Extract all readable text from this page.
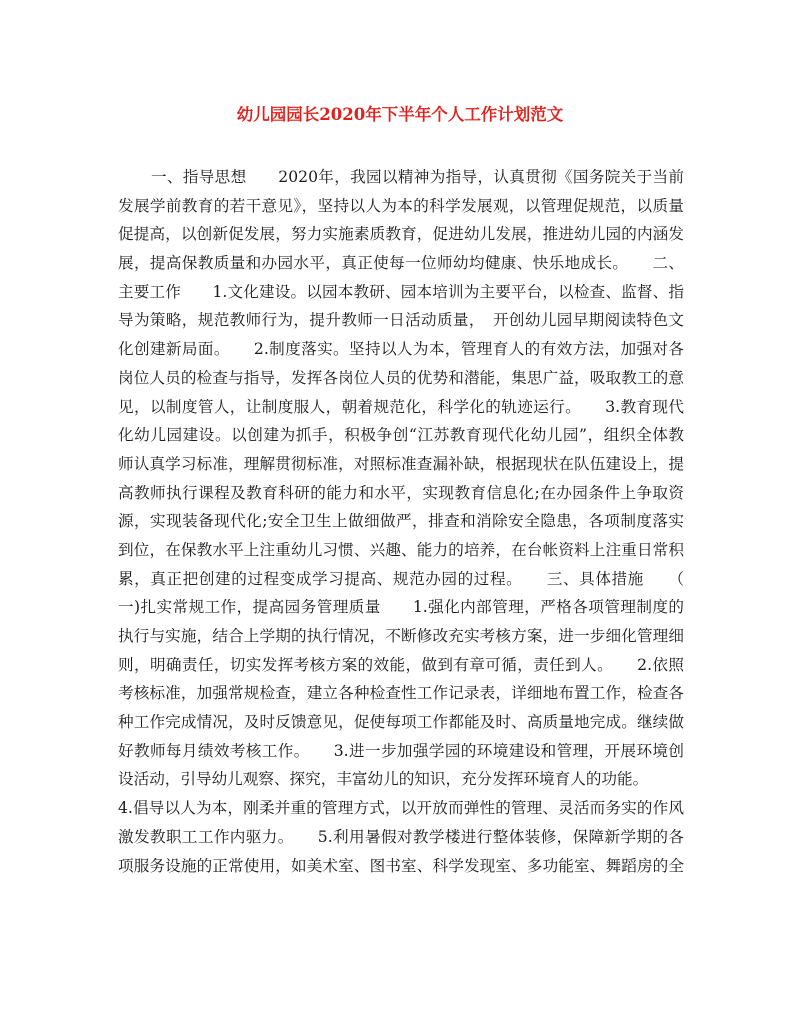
幼儿园园长2020年下半年个人工作计划范文
一、指导思想　　2020年，我园以精神为指导，认真贯彻《国务院关于当前
发展学前教育的若干意见》，坚持以人为本的科学发展观，以管理促规范，以质量
促提高，以创新促发展，努力实施素质教育，促进幼儿发展，推进幼儿园的内涵发
展，提高保教质量和办园水平，真正使每一位师幼均健康、快乐地成长。　　二、
主要工作　　1.文化建设。以园本教研、园本培训为主要平台，以检查、监督、指
导为策略，规范教师行为，提升教师一日活动质量，　开创幼儿园早期阅读特色文
化创建新局面。　　2.制度落实。坚持以人为本，管理育人的有效方法，加强对各
岗位人员的检查与指导，发挥各岗位人员的优势和潜能，集思广益，吸取教工的意
见，以制度管人，让制度服人，朝着规范化，科学化的轨迹运行。　　3.教育现代
化幼儿园建设。以创建为抓手，积极争创“江苏教育现代化幼儿园”，组织全体教
师认真学习标准，理解贯彻标准，对照标准查漏补缺，根据现状在队伍建设上，提
高教师执行课程及教育科研的能力和水平，实现教育信息化;在办园条件上争取资
源，实现装备现代化;安全卫生上做细做严，排查和消除安全隐患，各项制度落实
到位，在保教水平上注重幼儿习惯、兴趣、能力的培养，在台帐资料上注重日常积
累，真正把创建的过程变成学习提高、规范办园的过程。　　三、具体措施　　（
一)扎实常规工作，提高园务管理质量　　1.强化内部管理，严格各项管理制度的
执行与实施，结合上学期的执行情况，不断修改充实考核方案，进一步细化管理细
则，明确责任，切实发挥考核方案的效能，做到有章可循，责任到人。　　2.依照
考核标准，加强常规检查，建立各种检查性工作记录表，详细地布置工作，检查各
种工作完成情况，及时反馈意见，促使每项工作都能及时、高质量地完成。继续做
好教师每月绩效考核工作。　　3.进一步加强学园的环境建设和管理，开展环境创
设活动，引导幼儿观察、探究，丰富幼儿的知识，充分发挥环境育人的功能。
4.倡导以人为本，刚柔并重的管理方式，以开放而弹性的管理、灵活而务实的作风
激发教职工工作内驱力。　　5.利用暑假对教学楼进行整体装修，保障新学期的各
项服务设施的正常使用，如美术室、图书室、科学发现室、多功能室、舞蹈房的全
